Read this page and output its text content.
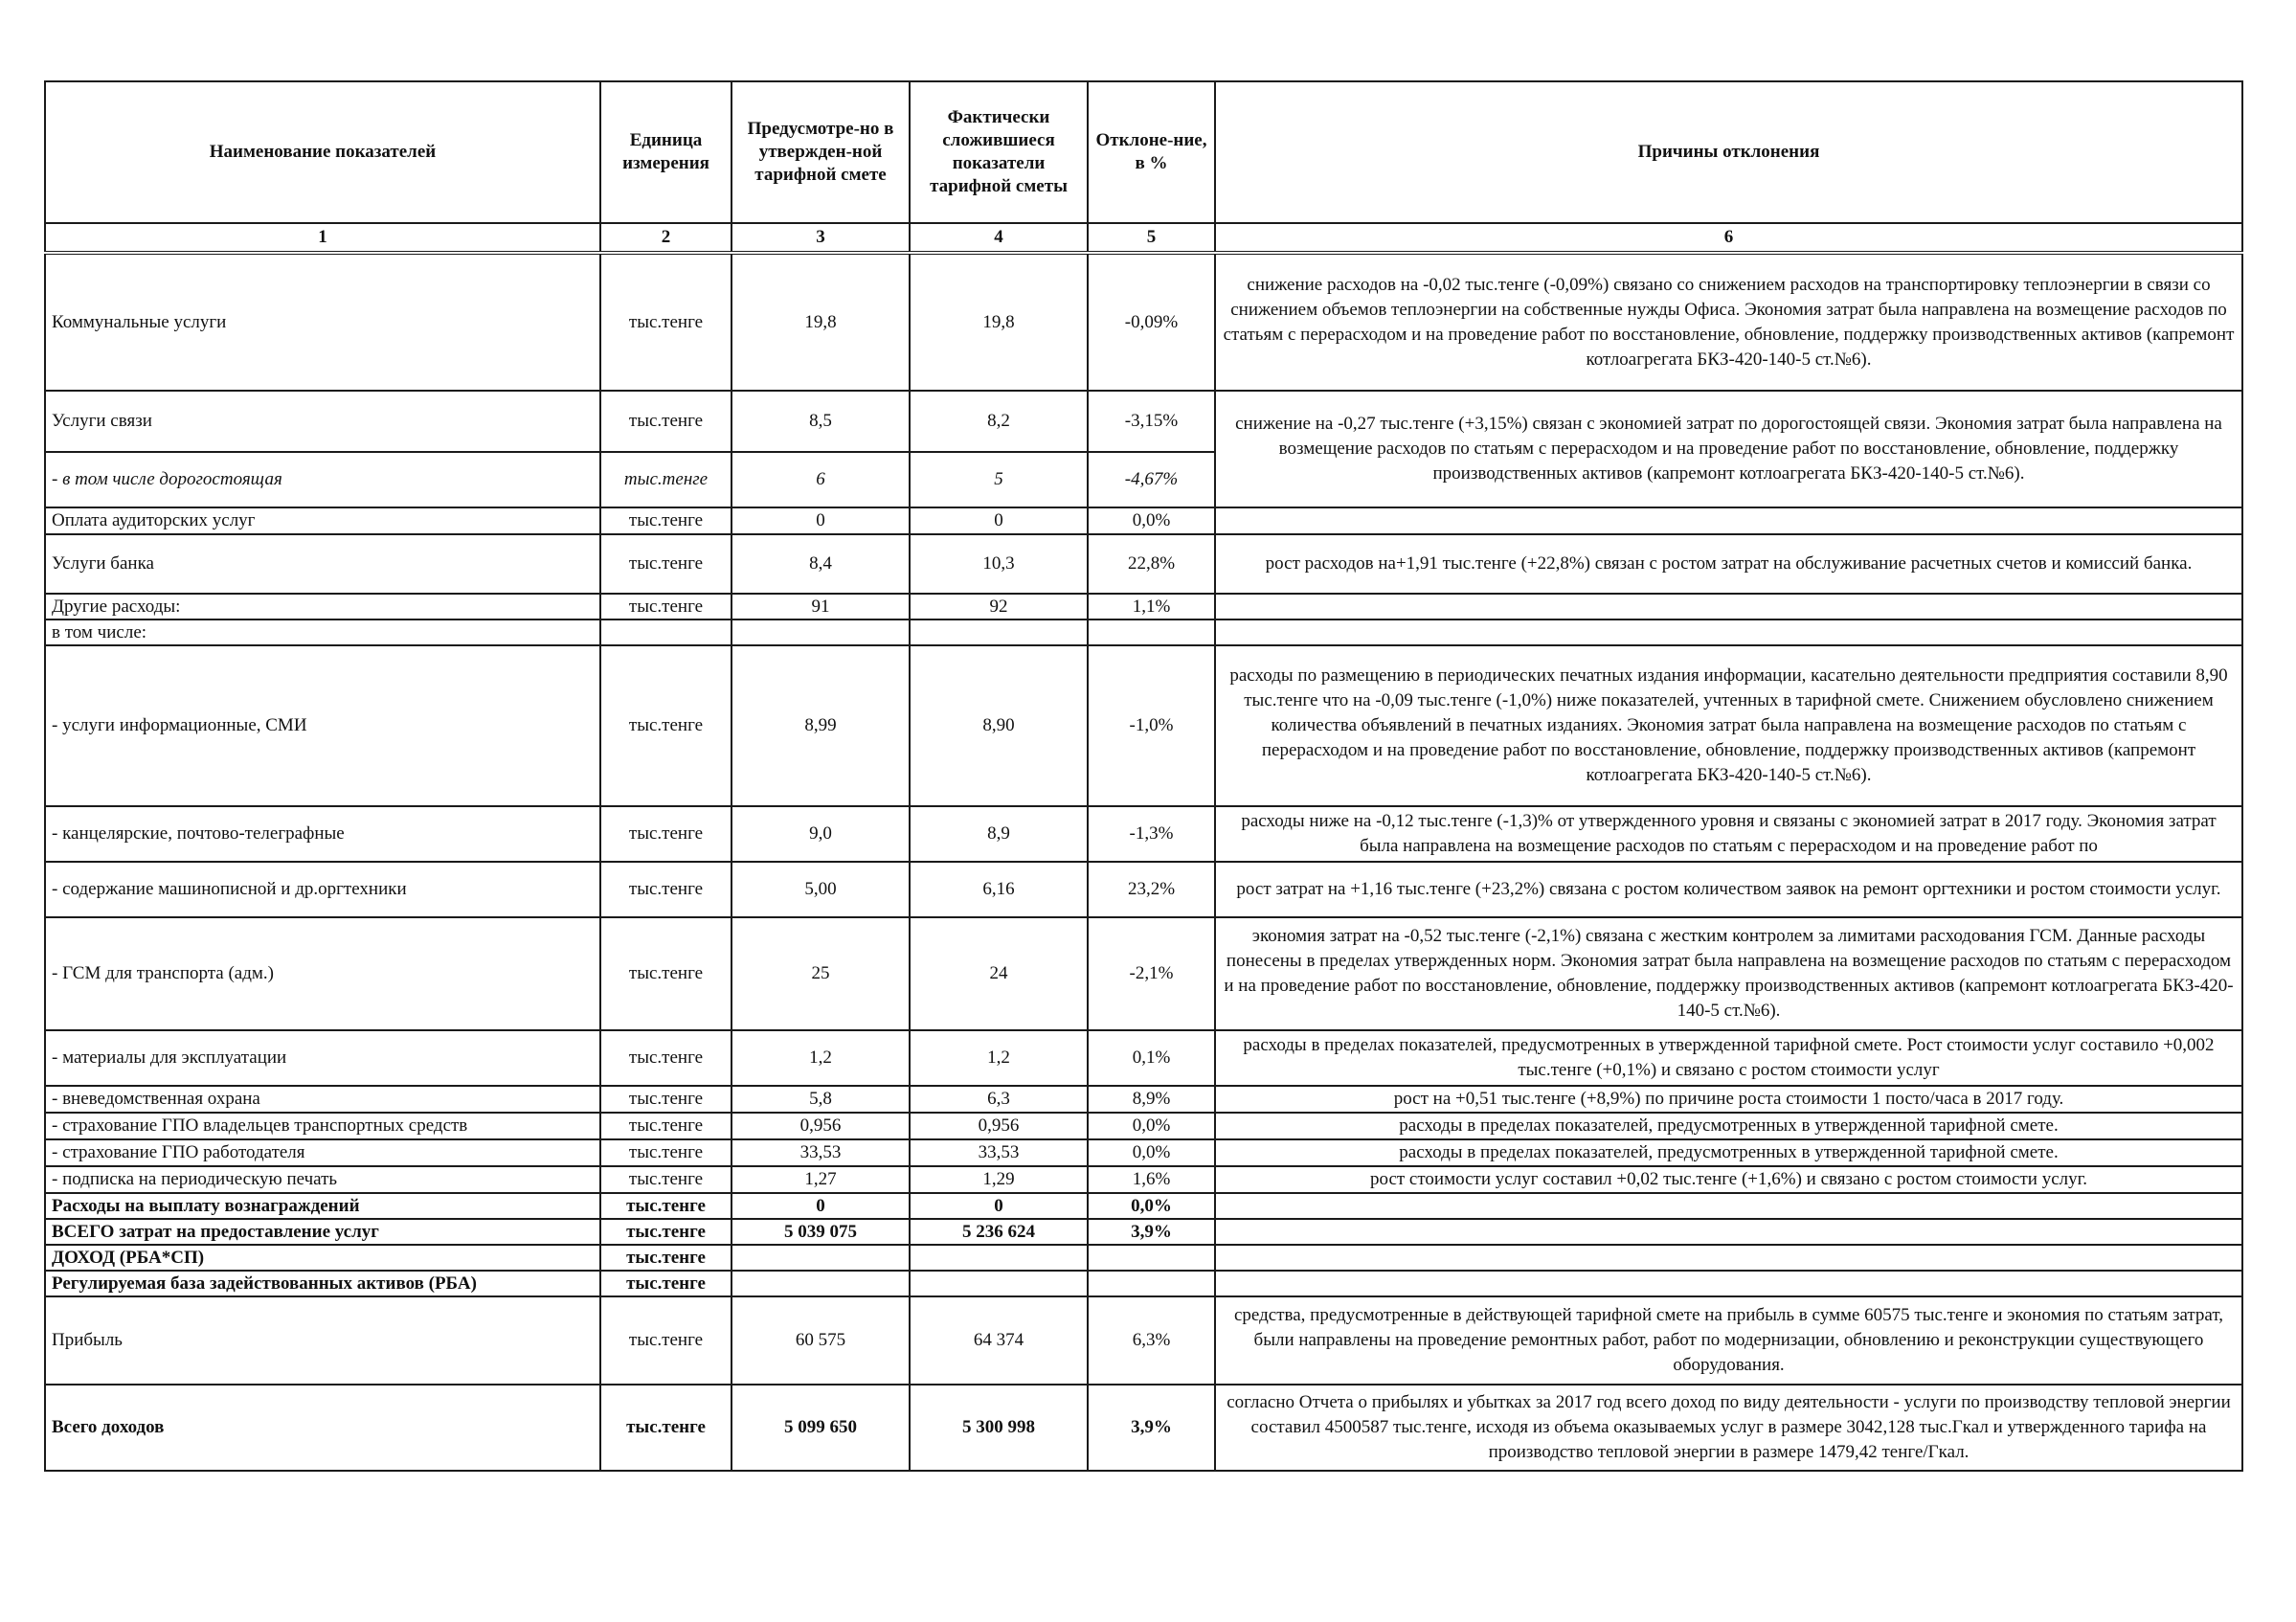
Наименование показателей	Единица измерения	Предусмотре-но в утвержден-ной тарифной смете	Фактически сложившиеся показатели тарифной сметы	Отклоне-ние, в %	Причины отклонения
1	2	3	4	5	6
Коммунальные услуги	тыс.тенге	19,8	19,8	-0,09%	снижение расходов на -0,02 тыс.тенге (-0,09%) связано со снижением расходов на транспортировку теплоэнергии в связи со снижением объемов теплоэнергии на собственные нужды Офиса. Экономия затрат была направлена на возмещение расходов по статьям с перерасходом и на проведение работ по восстановление, обновление, поддержку производственных активов (капремонт котлоагрегата БКЗ-420-140-5 ст.№6).
Услуги связи	тыс.тенге	8,5	8,2	-3,15%	снижение на -0,27 тыс.тенге (+3,15%) связан с экономией затрат по дорогостоящей связи. Экономия затрат была направлена на возмещение расходов по статьям с перерасходом и на проведение работ по восстановление, обновление, поддержку производственных активов (капремонт котлоагрегата БКЗ-420-140-5 ст.№6).
- в том числе дорогостоящая	тыс.тенге	6	5	-4,67%	
Оплата аудиторских услуг	тыс.тенге	0	0	0,0%	
Услуги банка	тыс.тенге	8,4	10,3	22,8%	рост расходов на+1,91 тыс.тенге (+22,8%) связан с ростом затрат на обслуживание расчетных счетов и комиссий банка.
Другие расходы:	тыс.тенге	91	92	1,1%	
в том числе:					
- услуги информационные, СМИ	тыс.тенге	8,99	8,90	-1,0%	расходы по размещению в периодических печатных издания информации, касательно деятельности предприятия составили 8,90 тыс.тенге что на -0,09 тыс.тенге (-1,0%) ниже показателей, учтенных в тарифной смете. Снижением обусловлено снижением количества объявлений в печатных изданиях. Экономия затрат была направлена на возмещение расходов по статьям с перерасходом и на проведение работ по восстановление, обновление, поддержку производственных активов (капремонт котлоагрегата БКЗ-420-140-5 ст.№6).
- канцелярские, почтово-телеграфные	тыс.тенге	9,0	8,9	-1,3%	расходы ниже на -0,12 тыс.тенге (-1,3)% от утвержденного уровня и связаны с экономией затрат в 2017 году. Экономия затрат была направлена на возмещение расходов по статьям с перерасходом и на проведение работ по
- содержание машинописной и др.оргтехники	тыс.тенге	5,00	6,16	23,2%	рост затрат на +1,16 тыс.тенге (+23,2%) связана с ростом количеством заявок на ремонт оргтехники и ростом стоимости услуг.
- ГСМ для транспорта (адм.)	тыс.тенге	25	24	-2,1%	экономия затрат на -0,52 тыс.тенге (-2,1%) связана с жестким контролем за лимитами расходования ГСМ. Данные расходы понесены в пределах утвержденных норм. Экономия затрат была направлена на возмещение расходов по статьям с перерасходом и на проведение работ по восстановление, обновление, поддержку производственных активов (капремонт котлоагрегата БКЗ-420-140-5 ст.№6).
- материалы для эксплуатации	тыс.тенге	1,2	1,2	0,1%	расходы в пределах показателей, предусмотренных в утвержденной тарифной смете. Рост стоимости услуг составило +0,002 тыс.тенге (+0,1%) и связано с ростом стоимости услуг
- вневедомственная охрана	тыс.тенге	5,8	6,3	8,9%	рост на +0,51 тыс.тенге (+8,9%) по причине роста стоимости 1 посто/часа в 2017 году.
- страхование ГПО владельцев транспортных средств	тыс.тенге	0,956	0,956	0,0%	расходы в пределах показателей, предусмотренных в утвержденной тарифной смете.
- страхование ГПО работодателя	тыс.тенге	33,53	33,53	0,0%	расходы в пределах показателей, предусмотренных в утвержденной тарифной смете.
- подписка на периодическую печать	тыс.тенге	1,27	1,29	1,6%	рост стоимости услуг составил +0,02 тыс.тенге (+1,6%) и связано с ростом стоимости услуг.
Расходы на выплату вознаграждений	тыс.тенге	0	0	0,0%	
ВСЕГО затрат на предоставление услуг	тыс.тенге	5 039 075	5 236 624	3,9%	
ДОХОД (РБА*СП)	тыс.тенге				
Регулируемая база задействованных активов (РБА)	тыс.тенге				
Прибыль	тыс.тенге	60 575	64 374	6,3%	средства, предусмотренные в действующей тарифной смете на прибыль в сумме 60575 тыс.тенге и экономия по статьям затрат, были направлены на проведение ремонтных работ, работ по модернизации, обновлению и реконструкции существующего оборудования.
Всего доходов	тыс.тенге	5 099 650	5 300 998	3,9%	согласно Отчета о прибылях и убытках за 2017 год всего доход по виду деятельности - услуги по производству тепловой энергии составил 4500587 тыс.тенге, исходя из объема оказываемых услуг в размере 3042,128 тыс.Гкал и утвержденного тарифа на производство тепловой энергии в размере 1479,42 тенге/Гкал.
